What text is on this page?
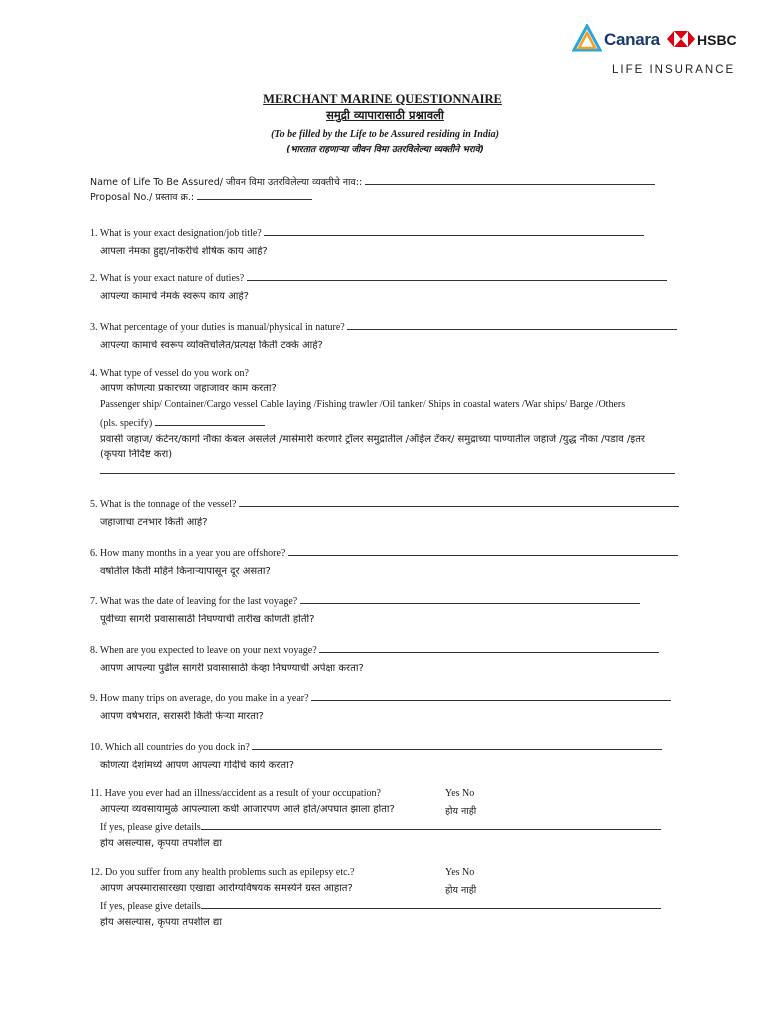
Canara	HSBC
LIFE INSURANCE
MERCHANT MARINE QUESTIONNAIRE
समुद्री व्यापारासाठी प्रश्नावली
(To be filled by the Life to be Assured residing in India)
(भारतात राहणाऱ्या जीवन विमा उतरविलेल्या व्यक्तीने भरावे)
Name of Life To Be Assured/ जीवन विमा उतरविलेल्या व्यक्तीचे नाव::
Proposal No./ प्रस्ताव क्र.:
1. What is your exact designation/job title?
आपला नेमका हुद्दा/नोकरीचे शीर्षक काय आहे?
2. What is your exact nature of duties?
आपल्या कामाचे नेमके स्वरूप काय आहे?
3. What percentage of your duties is manual/physical in nature?
आपल्या कामाचे स्वरूप व्यक्तिचलित/प्रत्यक्ष किती टक्के आहे?
4. What type of vessel do you work on?
आपण कोणत्या प्रकारच्या जहाजावर काम करता?
Passenger ship/ Container/Cargo vessel Cable laying /Fishing trawler /Oil tanker/ Ships in coastal waters /War ships/ Barge /Others
(pls. specify)
प्रवासी जहाज/ कंटेनर/कार्गो नौका केबल असलेले /मासेमारी करणारे ट्रॉलर समुद्रातील /ऑईल टँकर/ समुद्राच्या पाण्यातील जहाजे /युद्ध नौका /पडाव /इतर
(कृपया निर्दिष्ट करा)
5. What is the tonnage of the vessel?
जहाजाचा टनभार किती आहे?
6. How many months in a year you are offshore?
वर्षातील किती महिने किनाऱ्यापासून दूर असता?
7. What was the date of leaving for the last voyage?
पूर्वीच्या सागरी प्रवासासाठी निघण्याची तारीख कोणती होती?
8. When are you expected to leave on your next voyage?
आपण आपल्या पुढील सागरी प्रवासासाठी केव्हा निघण्याची अपेक्षा करता?
9. How many trips on average, do you make in a year?
आपण वर्षभरात, सरासरी किती फेऱ्या मारता?
10. Which all countries do you dock in?
कोणत्या देशांमध्ये आपण आपल्या गोदीचे कार्य करता?
11. Have you ever had an illness/accident as a result of your occupation?
आपल्या व्यवसायामुळे आपल्याला कधी आजारपण आले होते/अपघात झाला होता?
If yes, please give details
होय असल्यास, कृपया तपशील द्या
Yes No
होय नाही
12. Do you suffer from any health problems such as epilepsy etc.?
आपण अपस्मारासारख्या एखाद्या आरोग्यविषयक समस्येने ग्रस्त आहात?
If yes, please give details
होय असल्यास, कृपया तपशील द्या
Yes No
होय नाही
